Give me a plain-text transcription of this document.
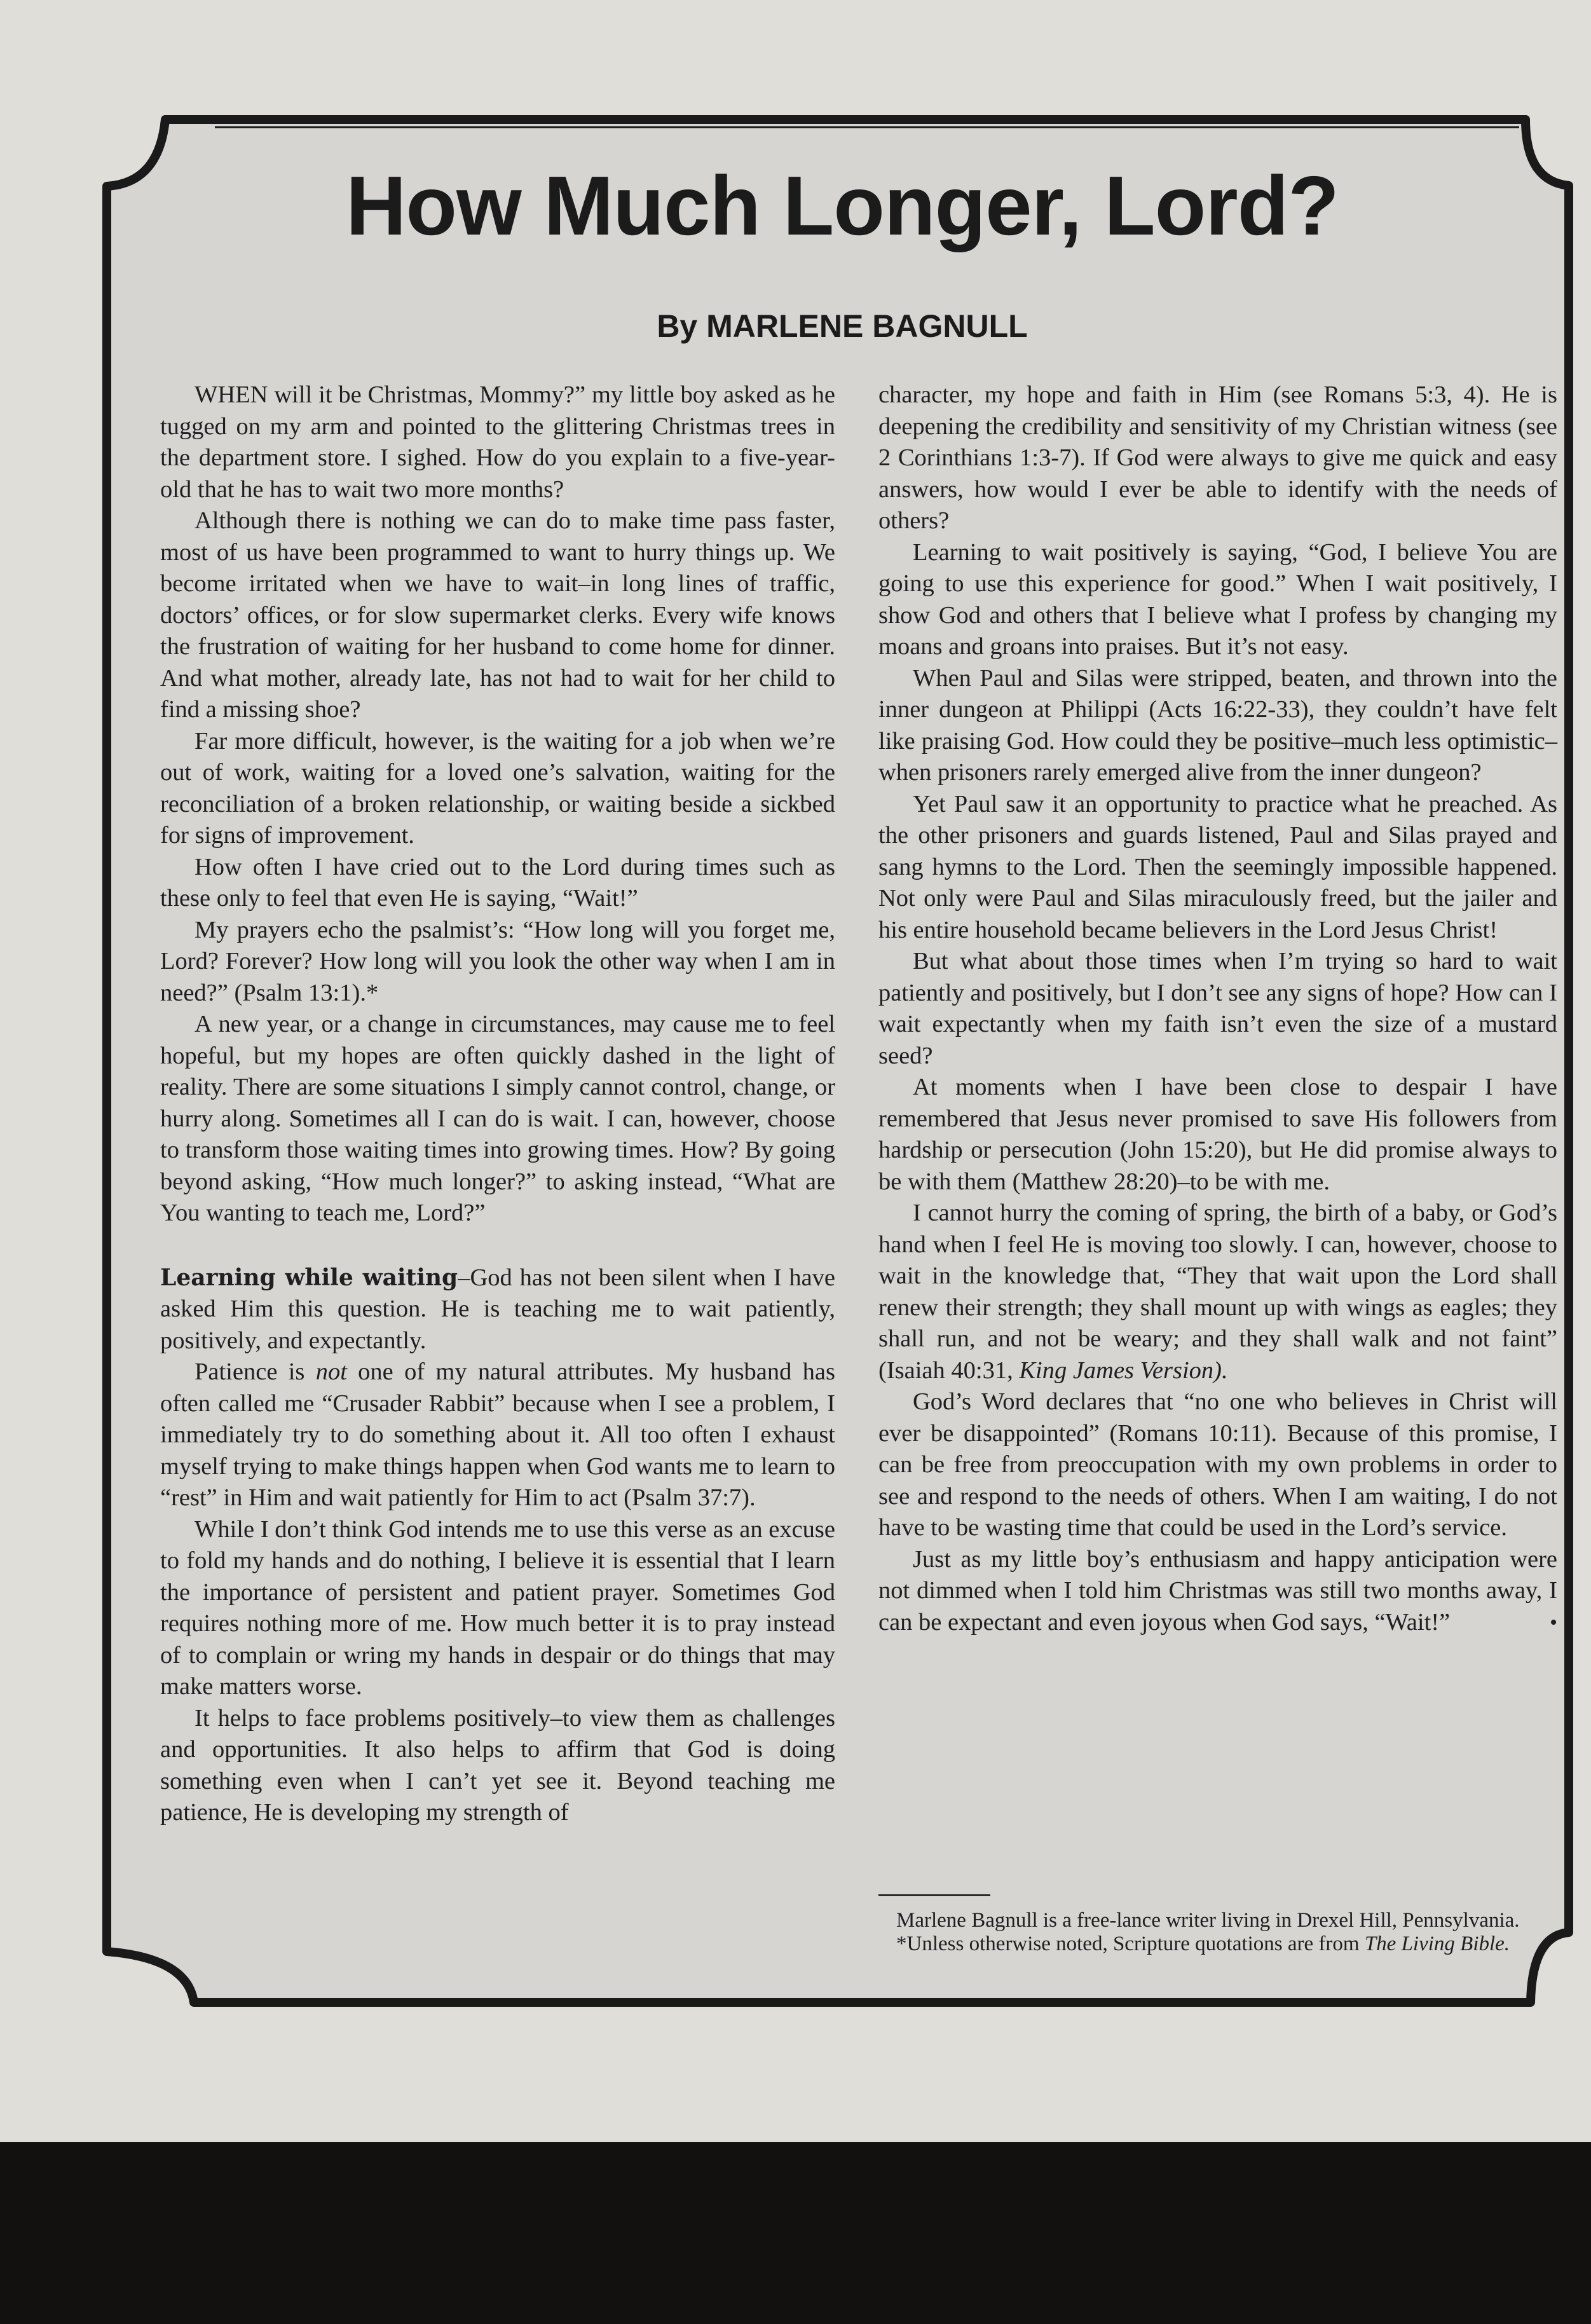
How Much Longer, Lord?
By MARLENE BAGNULL

WHEN will it be Christmas, Mommy?” my little boy asked as he tugged on my arm and pointed to the glittering Christmas trees in the department store. I sighed. How do you explain to a five-year-old that he has to wait two more months?

Although there is nothing we can do to make time pass faster, most of us have been programmed to want to hurry things up. We become irritated when we have to wait–in long lines of traffic, doctors’ offices, or for slow supermarket clerks. Every wife knows the frustration of waiting for her husband to come home for dinner. And what mother, already late, has not had to wait for her child to find a missing shoe?

Far more difficult, however, is the waiting for a job when we’re out of work, waiting for a loved one’s salvation, waiting for the reconciliation of a broken relationship, or waiting beside a sickbed for signs of improvement.

How often I have cried out to the Lord during times such as these only to feel that even He is saying, “Wait!”

My prayers echo the psalmist’s: “How long will you forget me, Lord? Forever? How long will you look the other way when I am in need?” (Psalm 13:1).*

A new year, or a change in circumstances, may cause me to feel hopeful, but my hopes are often quickly dashed in the light of reality. There are some situations I simply cannot control, change, or hurry along. Sometimes all I can do is wait. I can, however, choose to transform those waiting times into growing times. How? By going beyond asking, “How much longer?” to asking instead, “What are You wanting to teach me, Lord?”

Learning while waiting–God has not been silent when I have asked Him this question. He is teaching me to wait patiently, positively, and expectantly.

Patience is not one of my natural attributes. My husband has often called me “Crusader Rabbit” because when I see a problem, I immediately try to do something about it. All too often I exhaust myself trying to make things happen when God wants me to learn to “rest” in Him and wait patiently for Him to act (Psalm 37:7).

While I don’t think God intends me to use this verse as an excuse to fold my hands and do nothing, I believe it is essential that I learn the importance of persistent and patient prayer. Sometimes God requires nothing more of me. How much better it is to pray instead of to complain or wring my hands in despair or do things that may make matters worse.

It helps to face problems positively–to view them as challenges and opportunities. It also helps to affirm that God is doing something even when I can’t yet see it. Beyond teaching me patience, He is developing my strength of

character, my hope and faith in Him (see Romans 5:3, 4). He is deepening the credibility and sensitivity of my Christian witness (see 2 Corinthians 1:3-7). If God were always to give me quick and easy answers, how would I ever be able to identify with the needs of others?

Learning to wait positively is saying, “God, I believe You are going to use this experience for good.” When I wait positively, I show God and others that I believe what I profess by changing my moans and groans into praises. But it’s not easy.

When Paul and Silas were stripped, beaten, and thrown into the inner dungeon at Philippi (Acts 16:22-33), they couldn’t have felt like praising God. How could they be positive–much less optimistic–when prisoners rarely emerged alive from the inner dungeon?

Yet Paul saw it an opportunity to practice what he preached. As the other prisoners and guards listened, Paul and Silas prayed and sang hymns to the Lord. Then the seemingly impossible happened. Not only were Paul and Silas miraculously freed, but the jailer and his entire household became believers in the Lord Jesus Christ!

But what about those times when I’m trying so hard to wait patiently and positively, but I don’t see any signs of hope? How can I wait expectantly when my faith isn’t even the size of a mustard seed?

At moments when I have been close to despair I have remembered that Jesus never promised to save His followers from hardship or persecution (John 15:20), but He did promise always to be with them (Matthew 28:20)–to be with me.

I cannot hurry the coming of spring, the birth of a baby, or God’s hand when I feel He is moving too slowly. I can, however, choose to wait in the knowledge that, “They that wait upon the Lord shall renew their strength; they shall mount up with wings as eagles; they shall run, and not be weary; and they shall walk and not faint” (Isaiah 40:31, King James Version).

God’s Word declares that “no one who believes in Christ will ever be disappointed” (Romans 10:11). Because of this promise, I can be free from preoccupation with my own problems in order to see and respond to the needs of others. When I am waiting, I do not have to be wasting time that could be used in the Lord’s service.

Just as my little boy’s enthusiasm and happy anticipation were not dimmed when I told him Christmas was still two months away, I can be expectant and even joyous when God says, “Wait!”	•

Marlene Bagnull is a free-lance writer living in Drexel Hill, Pennsylvania.

*Unless otherwise noted, Scripture quotations are from The Living Bible.
